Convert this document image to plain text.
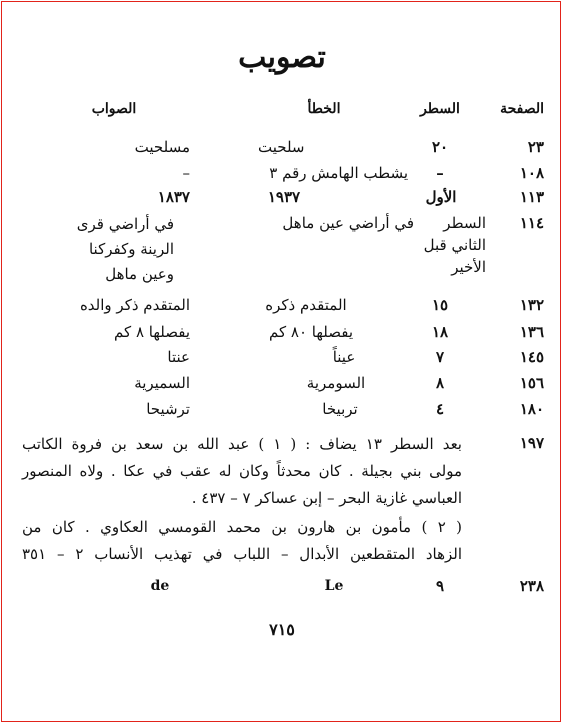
تصويب
الصفحة
السطر
الخطأ
الصواب
٢٣
٢٠
سلحيت
مسلحيت
١٠٨
–
يشطب الهامش رقم ٣
–
١١٣
الأول
١٩٣٧
١٨٣٧
١١٤
السطر الثاني قبل الأخير
في أراضي عين ماهل
في أراضي قرى الرينة وكفركنا وعين ماهل
١٣٢
١٥
المتقدم ذكره
المتقدم ذكر والده
١٣٦
١٨
يفصلها ٨٠ كم
يفصلها ٨ كم
١٤٥
٧
عيناً
عنتا
١٥٦
٨
السومرية
السميرية
١٨٠
٤
تربيخا
ترشيحا
١٩٧
بعد السطر ١٣ يضاف : ( ١ ) عبد الله بن سعد بن فروة الكاتب
مولى بني بجيلة . كان محدثاً وكان له عقب في عكا . ولاه المنصور
العباسي غازية البحر – إبن عساكر ٧ – ٤٣٧ .
( ٢ ) مأمون بن هارون بن محمد القومسي العكاوي . كان من
الزهاد المتقطعين الأبدال – اللباب في تهذيب الأنساب ٢ – ٣٥١
٢٣٨
٩
Le
de
٧١٥
